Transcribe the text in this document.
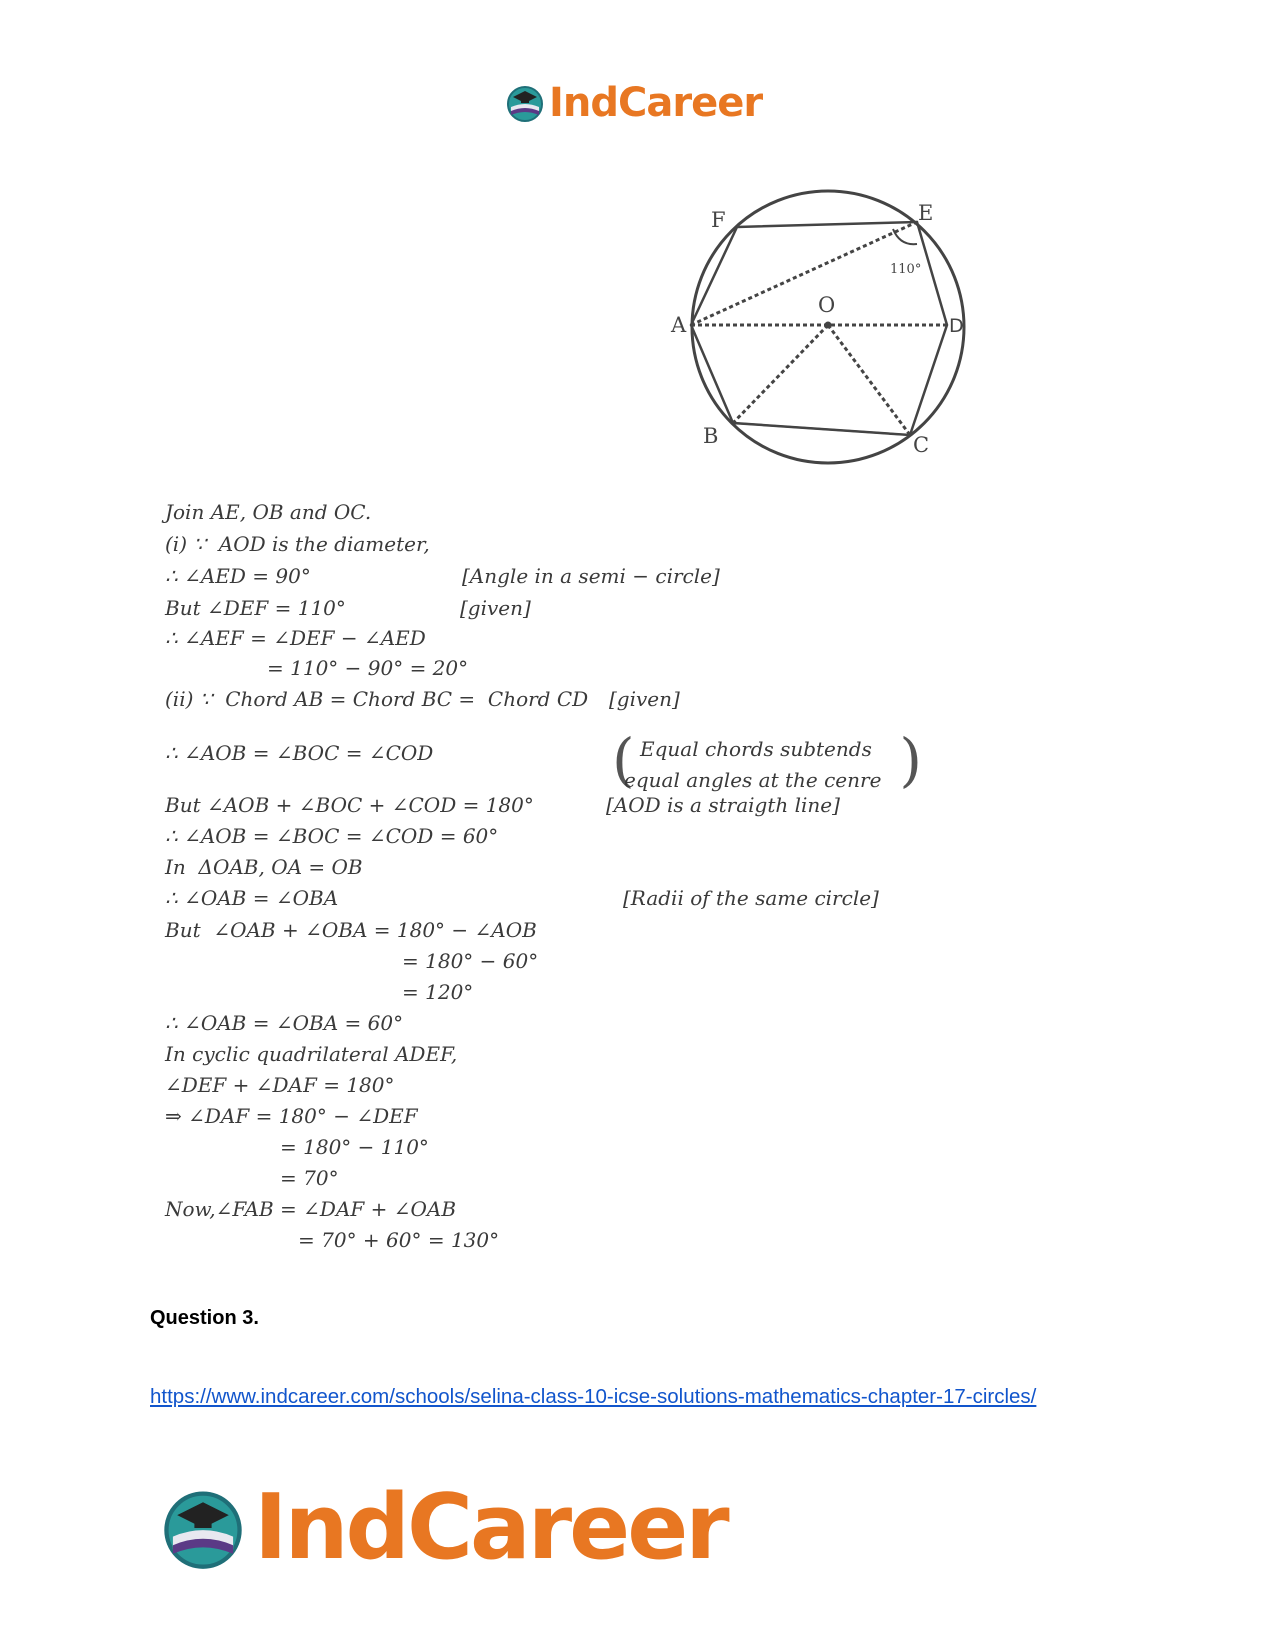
IndCareer
F	E
A
O
D
B	C
110°
Join AE, OB and OC.
(i) ∵  AOD is the diameter,
∴ ∠AED = 90°
But ∠DEF = 110°
∴ ∠AEF = ∠DEF − ∠AED
= 110° − 90° = 20°
(ii) ∵  Chord AB = Chord BC =  Chord CD
∴ ∠AOB = ∠BOC = ∠COD
But ∠AOB + ∠BOC + ∠COD = 180°
∴ ∠AOB = ∠BOC = ∠COD = 60°
In  ΔOAB, OA = OB
∴ ∠OAB = ∠OBA
But  ∠OAB + ∠OBA = 180° − ∠AOB
= 180° − 60°
= 120°
∴ ∠OAB = ∠OBA = 60°
In cyclic quadrilateral ADEF,
∠DEF + ∠DAF = 180°
⇒ ∠DAF = 180° − ∠DEF
= 180° − 110°
= 70°
Now,∠FAB = ∠DAF + ∠OAB
= 70° + 60° = 130°
[Angle in a semi − circle]
[given]
[given]
( Equal chords subtends
equal angles at the cenre )
[AOD is a straigth line]
[Radii of the same circle]
Question 3.
https://www.indcareer.com/schools/selina-class-10-icse-solutions-mathematics-chapter-17-circles/
IndCareer
